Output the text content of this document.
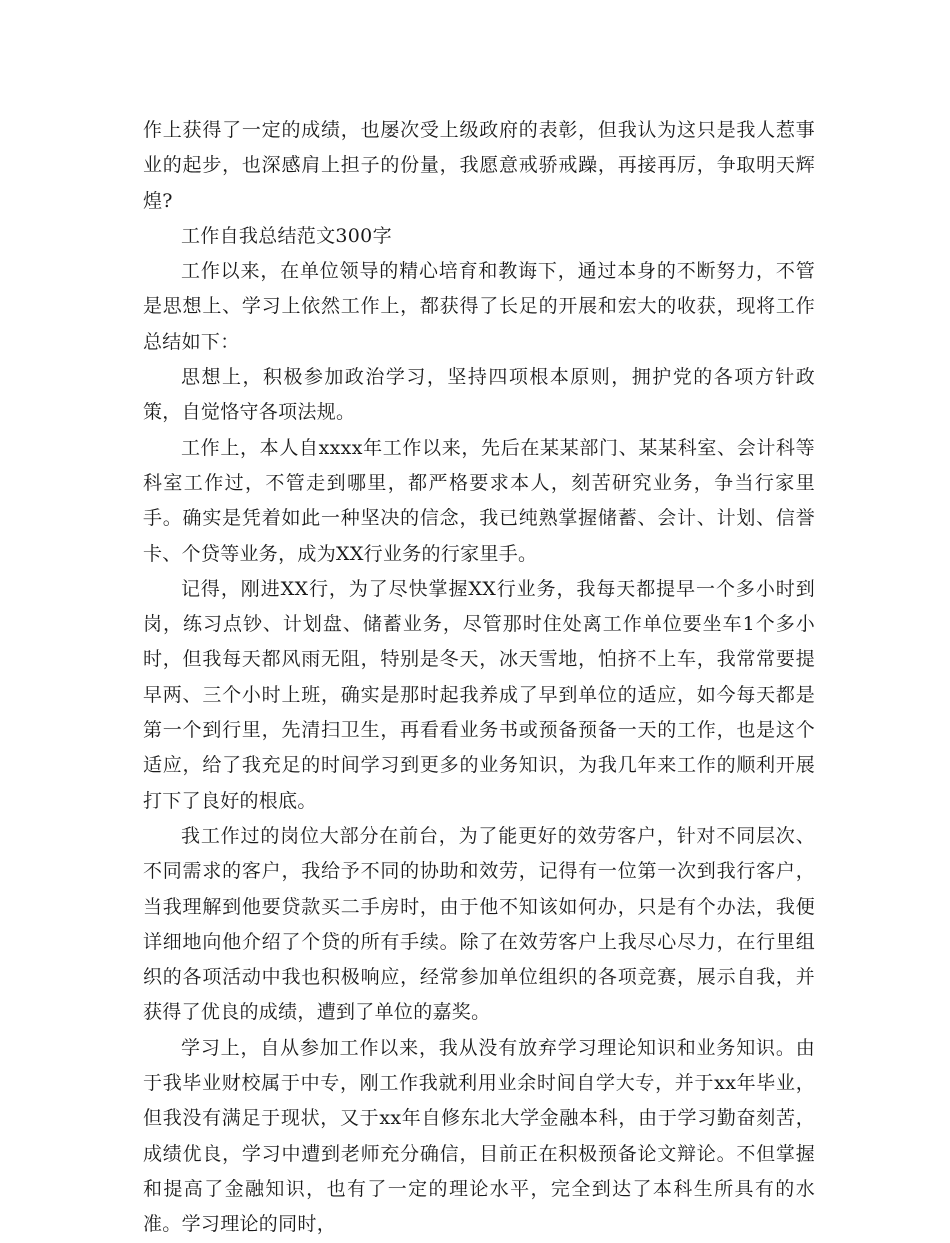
作上获得了一定的成绩，也屡次受上级政府的表彰，但我认为这只是我人惹事业的起步，也深感肩上担子的份量，我愿意戒骄戒躁，再接再厉，争取明天辉煌?

工作自我总结范文300字

工作以来，在单位领导的精心培育和教诲下，通过本身的不断努力，不管是思想上、学习上依然工作上，都获得了长足的开展和宏大的收获，现将工作总结如下：

思想上，积极参加政治学习，坚持四项根本原则，拥护党的各项方针政策，自觉恪守各项法规。

工作上，本人自xxxx年工作以来，先后在某某部门、某某科室、会计科等科室工作过，不管走到哪里，都严格要求本人，刻苦研究业务，争当行家里手。确实是凭着如此一种坚决的信念，我已纯熟掌握储蓄、会计、计划、信誉卡、个贷等业务，成为XX行业务的行家里手。

记得，刚进XX行，为了尽快掌握XX行业务，我每天都提早一个多小时到岗，练习点钞、计划盘、储蓄业务，尽管那时住处离工作单位要坐车1个多小时，但我每天都风雨无阻，特别是冬天，冰天雪地，怕挤不上车，我常常要提早两、三个小时上班，确实是那时起我养成了早到单位的适应，如今每天都是第一个到行里，先清扫卫生，再看看业务书或预备预备一天的工作，也是这个适应，给了我充足的时间学习到更多的业务知识，为我几年来工作的顺利开展打下了良好的根底。

我工作过的岗位大部分在前台，为了能更好的效劳客户，针对不同层次、不同需求的客户，我给予不同的协助和效劳，记得有一位第一次到我行客户，当我理解到他要贷款买二手房时，由于他不知该如何办，只是有个办法，我便详细地向他介绍了个贷的所有手续。除了在效劳客户上我尽心尽力，在行里组织的各项活动中我也积极响应，经常参加单位组织的各项竞赛，展示自我，并获得了优良的成绩，遭到了单位的嘉奖。

学习上，自从参加工作以来，我从没有放弃学习理论知识和业务知识。由于我毕业财校属于中专，刚工作我就利用业余时间自学大专，并于xx年毕业，但我没有满足于现状，又于xx年自修东北大学金融本科，由于学习勤奋刻苦，成绩优良，学习中遭到老师充分确信，目前正在积极预备论文辩论。不但掌握和提高了金融知识，也有了一定的理论水平，完全到达了本科生所具有的水准。学习理论的同时，
